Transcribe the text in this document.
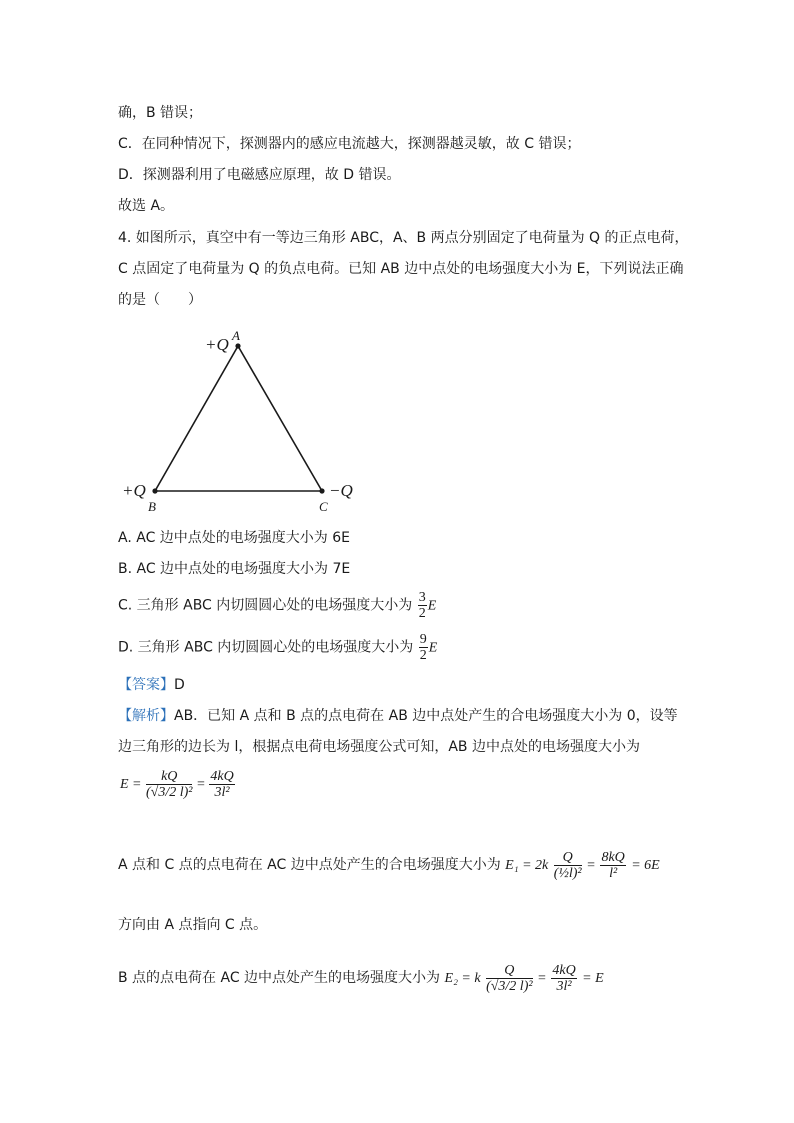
确，B 错误；
C．在同种情况下，探测器内的感应电流越大，探测器越灵敏，故 C 错误；
D．探测器利用了电磁感应原理，故 D 错误。
故选 A。
4. 如图所示，真空中有一等边三角形 ABC，A、B 两点分别固定了电荷量为 Q 的正点电荷，
C 点固定了电荷量为 Q 的负点电荷。已知 AB 边中点处的电场强度大小为 E，下列说法正确
的是（　　）
A
+Q
+Q
B
−Q
C
A. AC 边中点处的电场强度大小为 6E
B. AC 边中点处的电场强度大小为 7E
C. 三角形 ABC 内切圆圆心处的电场强度大小为 $\frac{3}{2}$ E
D. 三角形 ABC 内切圆圆心处的电场强度大小为 $\frac{9}{2}$ E
【答案】D
【解析】AB．已知 A 点和 B 点的点电荷在 AB 边中点处产生的合电场强度大小为 0，设等
边三角形的边长为 l，根据点电荷电场强度公式可知，AB 边中点处的电场强度大小为
$E = \frac{kQ}{\text{(√3/2 l)²}} = \frac{4kQ}{\text{3l²}}$
A 点和 C 点的点电荷在 AC 边中点处产生的合电场强度大小为 $E_1 = 2k \frac{Q}{\text{(½l)²}} = \frac{8kQ}{\text{l²}} = 6E$
方向由 A 点指向 C 点。
B 点的点电荷在 AC 边中点处产生的电场强度大小为 E₂ = k $\frac{Q}{\text{(√3/2 l)²}} = \frac{4kQ}{\text{3l²}} = E$
